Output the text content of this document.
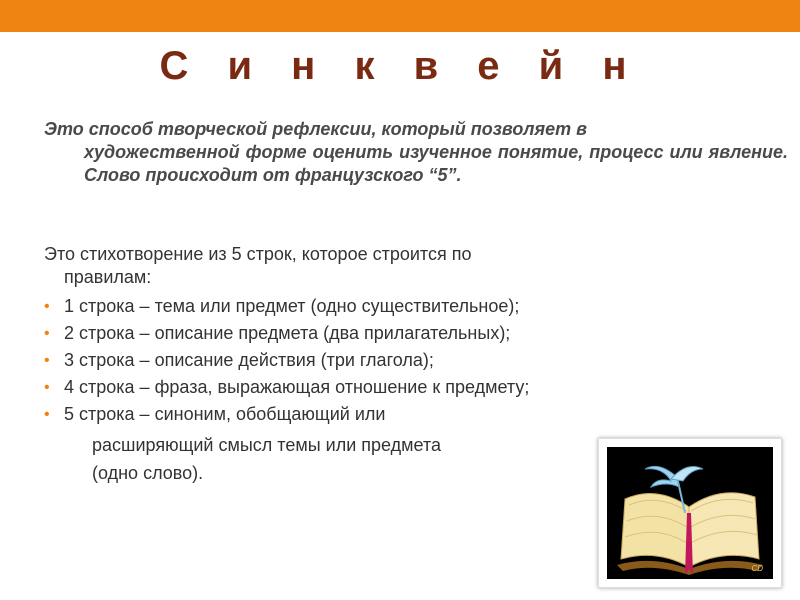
С и н к в е й н
Это способ творческой рефлексии, который позволяет в
художественной форме оценить изученное понятие, процесс или явление. Слово происходит от французского “5”.
Это стихотворение из 5 строк, которое строится по
правилам:
• 1 строка – тема или предмет (одно существительное);
• 2 строка – описание предмета (два прилагательных);
• 3 строка – описание действия (три глагола);
• 4 строка – фраза, выражающая отношение к предмету;
• 5 строка – синоним, обобщающий или
расширяющий смысл темы или предмета
(одно слово).
CD
